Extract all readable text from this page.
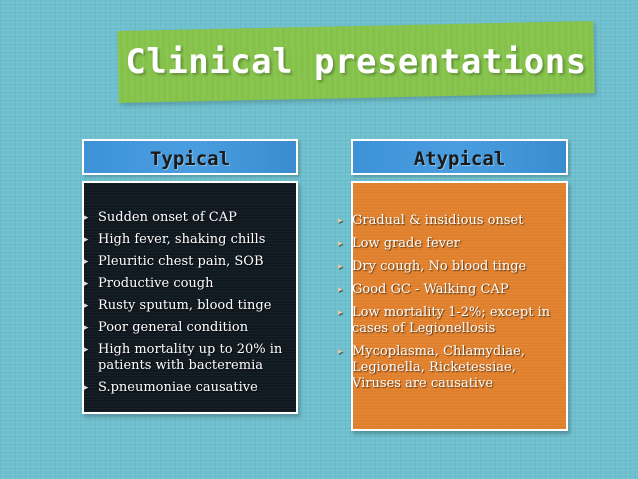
Clinical presentations
Typical	Atypical
▸ Sudden onset of CAP
▸ High fever, shaking chills
▸ Pleuritic chest pain, SOB
▸ Productive cough
▸ Rusty sputum, blood tinge
▸ Poor general condition
▸ High mortality up to 20% in patients with bacteremia
▸ S.pneumoniae causative
▸ Gradual & insidious onset
▸ Low grade fever
▸ Dry cough, No blood tinge
▸ Good GC - Walking CAP
▸ Low mortality 1-2%; except in cases of Legionellosis
▸ Mycoplasma, Chlamydiae, Legionella, Ricketessiae, Viruses are causative
